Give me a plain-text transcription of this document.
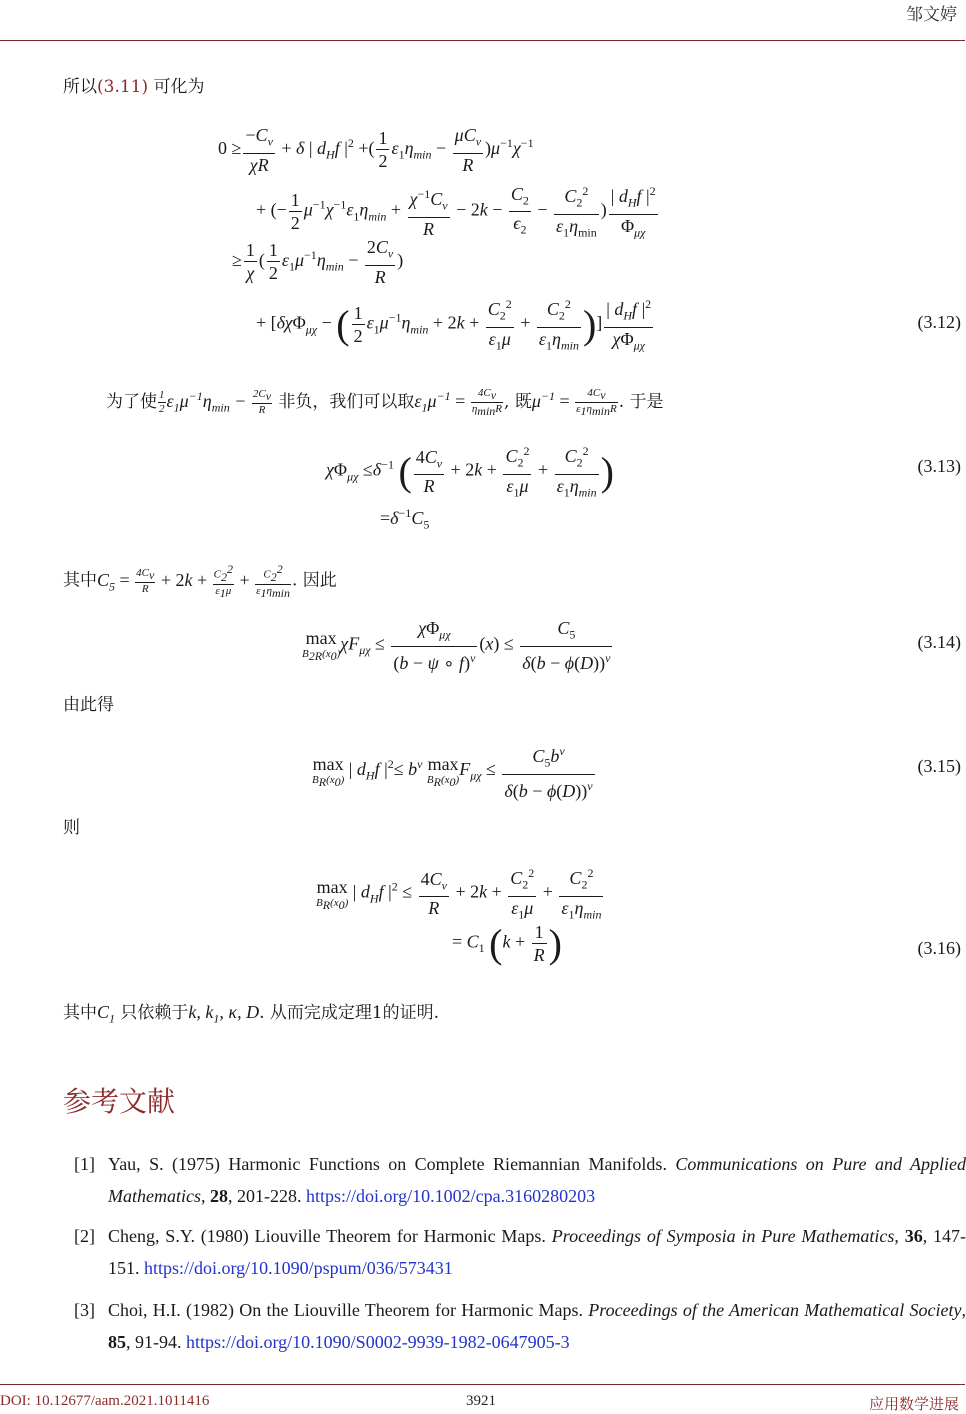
邹文婷
所以(3.11) 可化为
$0 \ge \frac{-C_\nu}{\chi R} + \delta$ | $d_Hf$ $|^2$ +( $\frac{1}{2} \varepsilon_1\eta_{min} - \frac{\mu C_\nu}{R} )\mu^{-1}\chi^{-1}$
+ (− $\frac{1}{2} \mu^{-1}\chi^{-1}\varepsilon_1\eta_{min} + \frac{\chi^{-1}C_\nu}{R} - 2k - \frac{C_2}{\epsilon_2} - \frac{C_2^2}{\varepsilon_1\eta_{min}}$ ) $\frac{| d_Hf |^2}{\Phi_{\mu\chi}}$
≥ $\frac{1}{\chi}$ ( $\frac{1}{2} \varepsilon_1\mu^{-1}\eta_{min} - \frac{2C_\nu}{R}$ )
+ [δχΦ$_{\mu\chi}$ − ( $\frac{1}{2} \varepsilon_1\mu^{-1}\eta_{min} + 2k + \frac{C_2^2}{\varepsilon_1\mu} + \frac{C_2^2}{\varepsilon_1\eta_{min}}$ )] $\frac{| d_Hf |^2}{\chi\Phi_{\mu\chi}}$	(3.12)
为了使 $\frac{1}{2} \varepsilon_1\mu^{-1}\eta_{min} - \frac{2C_\nu}{R}$ 非负，我们可以取$\varepsilon_1\mu^{-1} = \frac{4C_\nu}{\eta_{min}R}$ , 既$\mu^{-1} = \frac{4C_\nu}{\varepsilon_1\eta_{min}R}$ . 于是
$\chi\Phi_{\mu\chi} \le\delta^{-1}$ ( $\frac{4C_\nu}{R} + 2k + \frac{C_2^2}{\varepsilon_1\mu} + \frac{C_2^2}{\varepsilon_1\eta_{min}}$ )	(3.13)
$=\delta^{-1}C_5$
其中$C_5 = \frac{4C_\nu}{R} + 2k + \frac{C_2^2}{\varepsilon_1\mu} + \frac{C_2^2}{\varepsilon_1\eta_{min}}$ . 因此
max
$B_{2R}(x_0)$
$\chi F_{\mu\chi} \le \frac{\chi\Phi_{\mu\chi}}{(b - \psi \circ f)^\nu} (x) \le \frac{C_5}{\delta(b - \phi(D))^\nu}$	(3.14)
由此得
max
$B_R(x_0)$
| $d_Hf$ $|^2\le b^\nu$ max
$B_R(x_0)$
$F_{\mu\chi} \le \frac{C_5b^\nu}{\delta(b - \phi(D))^\nu}$	(3.15)
则
max
$B_R(x_0)$
| $d_Hf$ $|^2 \le \frac{4C_\nu}{R} + 2k + \frac{C_2^2}{\varepsilon_1\mu} + \frac{C_2^2}{\varepsilon_1\eta_{min}}$
= $C_1$ ($k + \frac{1}{R}$ )	(3.16)
其中$C_1$ 只依赖于k, $k_1$, κ, D. 从而完成定理1的证明.
参考文献
[1] Yau, S. (1975) Harmonic Functions on Complete Riemannian Manifolds. Communications on Pure and Applied Mathematics, 28, 201-228. https://doi.org/10.1002/cpa.3160280203
[2] Cheng, S.Y. (1980) Liouville Theorem for Harmonic Maps. Proceedings of Symposia in Pure Mathematics, 36, 147-151. https://doi.org/10.1090/pspum/036/573431
[3] Choi, H.I. (1982) On the Liouville Theorem for Harmonic Maps. Proceedings of the American Mathematical Society, 85, 91-94. https://doi.org/10.1090/S0002-9939-1982-0647905-3
DOI: 10.12677/aam.2021.1011416	3921	应用数学进展
